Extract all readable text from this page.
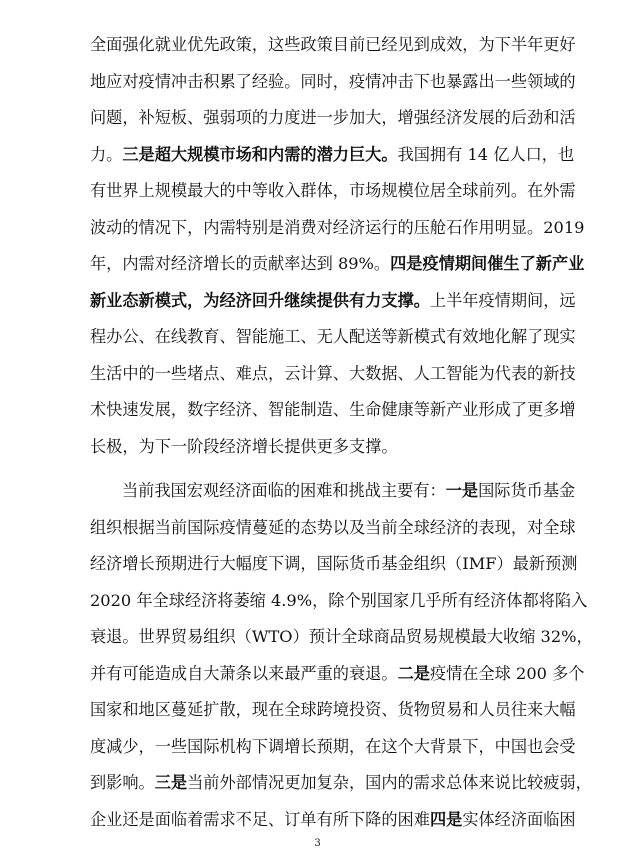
全面强化就业优先政策，这些政策目前已经见到成效，为下半年更好
地应对疫情冲击积累了经验。同时，疫情冲击下也暴露出一些领域的
问题，补短板、强弱项的力度进一步加大，增强经济发展的后劲和活
力。三是超大规模市场和内需的潜力巨大。我国拥有 14 亿人口，也
有世界上规模最大的中等收入群体，市场规模位居全球前列。在外需
波动的情况下，内需特别是消费对经济运行的压舱石作用明显。2019
年，内需对经济增长的贡献率达到 89%。四是疫情期间催生了新产业
新业态新模式，为经济回升继续提供有力支撑。上半年疫情期间，远
程办公、在线教育、智能施工、无人配送等新模式有效地化解了现实
生活中的一些堵点、难点，云计算、大数据、人工智能为代表的新技
术快速发展，数字经济、智能制造、生命健康等新产业形成了更多增
长极，为下一阶段经济增长提供更多支撑。
当前我国宏观经济面临的困难和挑战主要有：一是国际货币基金
组织根据当前国际疫情蔓延的态势以及当前全球经济的表现，对全球
经济增长预期进行大幅度下调，国际货币基金组织（IMF）最新预测
2020 年全球经济将萎缩 4.9%，除个别国家几乎所有经济体都将陷入
衰退。世界贸易组织（WTO）预计全球商品贸易规模最大收缩 32%，
并有可能造成自大萧条以来最严重的衰退。二是疫情在全球 200 多个
国家和地区蔓延扩散，现在全球跨境投资、货物贸易和人员往来大幅
度减少，一些国际机构下调增长预期，在这个大背景下，中国也会受
到影响。三是当前外部情况更加复杂，国内的需求总体来说比较疲弱，
3
企业还是面临着需求不足、订单有所下降的困难四是实体经济面临困
